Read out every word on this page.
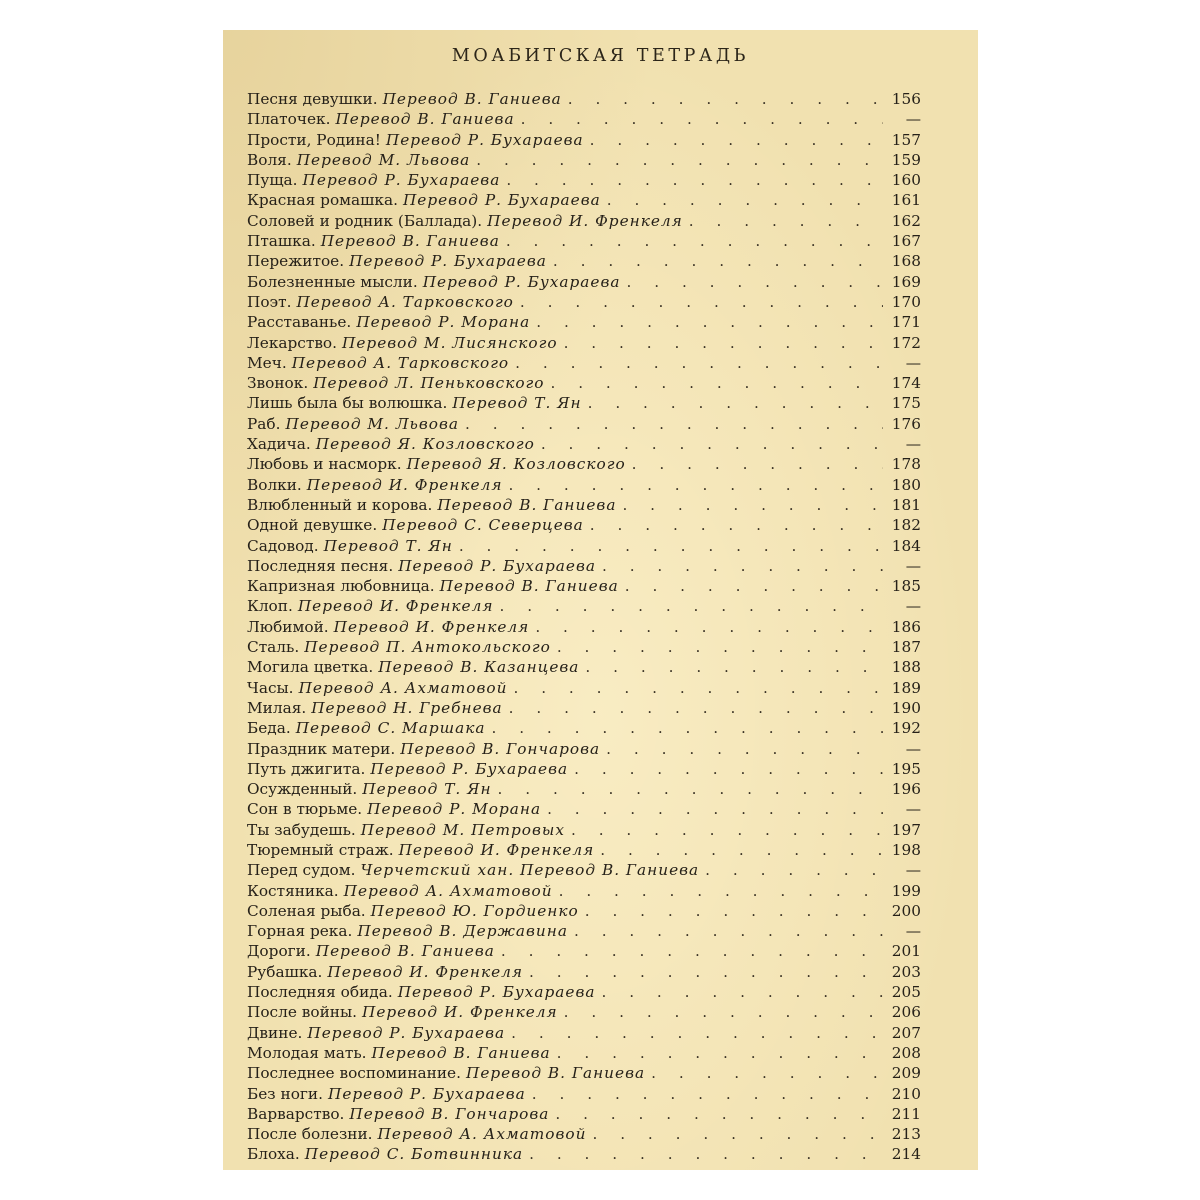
МОАБИТСКАЯ ТЕТРАДЬ
Песня девушки. Перевод В. Ганиева . . .	156
Платочек. Перевод В. Ганиева . . .	—
Прости, Родина! Перевод Р. Бухараева . . .	157
Воля. Перевод М. Львова . . .	159
Пуща. Перевод Р. Бухараева . . .	160
Красная ромашка. Перевод Р. Бухараева . . .	161
Соловей и родник (Баллада). Перевод И. Френкеля . . .	162
Пташка. Перевод В. Ганиева . . .	167
Пережитое. Перевод Р. Бухараева . . .	168
Болезненные мысли. Перевод Р. Бухараева . . .	169
Поэт. Перевод А. Тарковского . . .	170
Расставанье. Перевод Р. Морана . . .	171
Лекарство. Перевод М. Лисянского . . .	172
Меч. Перевод А. Тарковского . . .	—
Звонок. Перевод Л. Пеньковского . . .	174
Лишь была бы волюшка. Перевод Т. Ян . . .	175
Раб. Перевод М. Львова . . .	176
Хадича. Перевод Я. Козловского . . .	—
Любовь и насморк. Перевод Я. Козловского . . .	178
Волки. Перевод И. Френкеля . . .	180
Влюбленный и корова. Перевод В. Ганиева . . .	181
Одной девушке. Перевод С. Северцева . . .	182
Садовод. Перевод Т. Ян . . .	184
Последняя песня. Перевод Р. Бухараева . . .	—
Капризная любовница. Перевод В. Ганиева . . .	185
Клоп. Перевод И. Френкеля . . .	—
Любимой. Перевод И. Френкеля . . .	186
Сталь. Перевод П. Антокольского . . .	187
Могила цветка. Перевод В. Казанцева . . .	188
Часы. Перевод А. Ахматовой . . .	189
Милая. Перевод Н. Гребнева . . .	190
Беда. Перевод С. Маршака . . .	192
Праздник матери. Перевод В. Гончарова . . .	—
Путь джигита. Перевод Р. Бухараева . . .	195
Осужденный. Перевод Т. Ян . . .	196
Сон в тюрьме. Перевод Р. Морана . . .	—
Ты забудешь. Перевод М. Петровых . . .	197
Тюремный страж. Перевод И. Френкеля . . .	198
Перед судом. Черчетский хан. Перевод В. Ганиева . . .	—
Костяника. Перевод А. Ахматовой . . .	199
Соленая рыба. Перевод Ю. Гордиенко . . .	200
Горная река. Перевод В. Державина . . .	—
Дороги. Перевод В. Ганиева . . .	201
Рубашка. Перевод И. Френкеля . . .	203
Последняя обида. Перевод Р. Бухараева . . .	205
После войны. Перевод И. Френкеля . . .	206
Двине. Перевод Р. Бухараева . . .	207
Молодая мать. Перевод В. Ганиева . . .	208
Последнее воспоминание. Перевод В. Ганиева . . .	209
Без ноги. Перевод Р. Бухараева . . .	210
Варварство. Перевод В. Гончарова . . .	211
После болезни. Перевод А. Ахматовой . . .	213
Блоха. Перевод С. Ботвинника . . .	214
